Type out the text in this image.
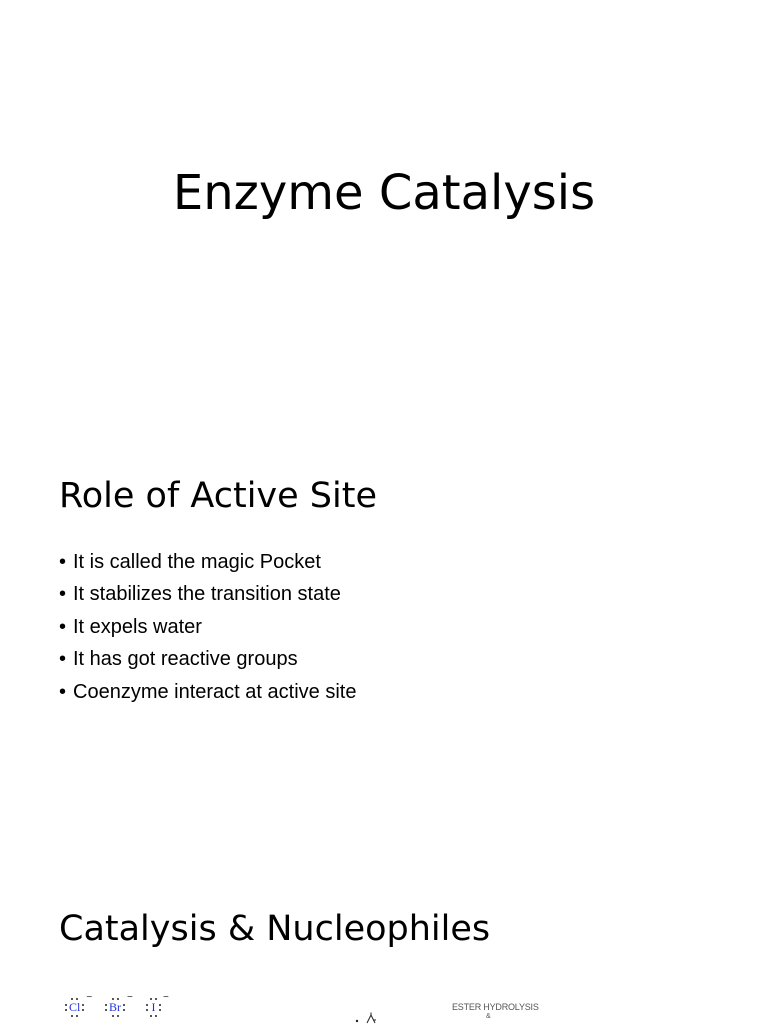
Enzyme Catalysis
Role of Active Site
• It is called the magic Pocket
• It stabilizes the transition state
• It expels water
• It has got reactive groups
• Coenzyme interact at active site
Catalysis & Nucleophiles
Cl
−
Br
−
I
−
ESTER HYDROLYSIS
&
